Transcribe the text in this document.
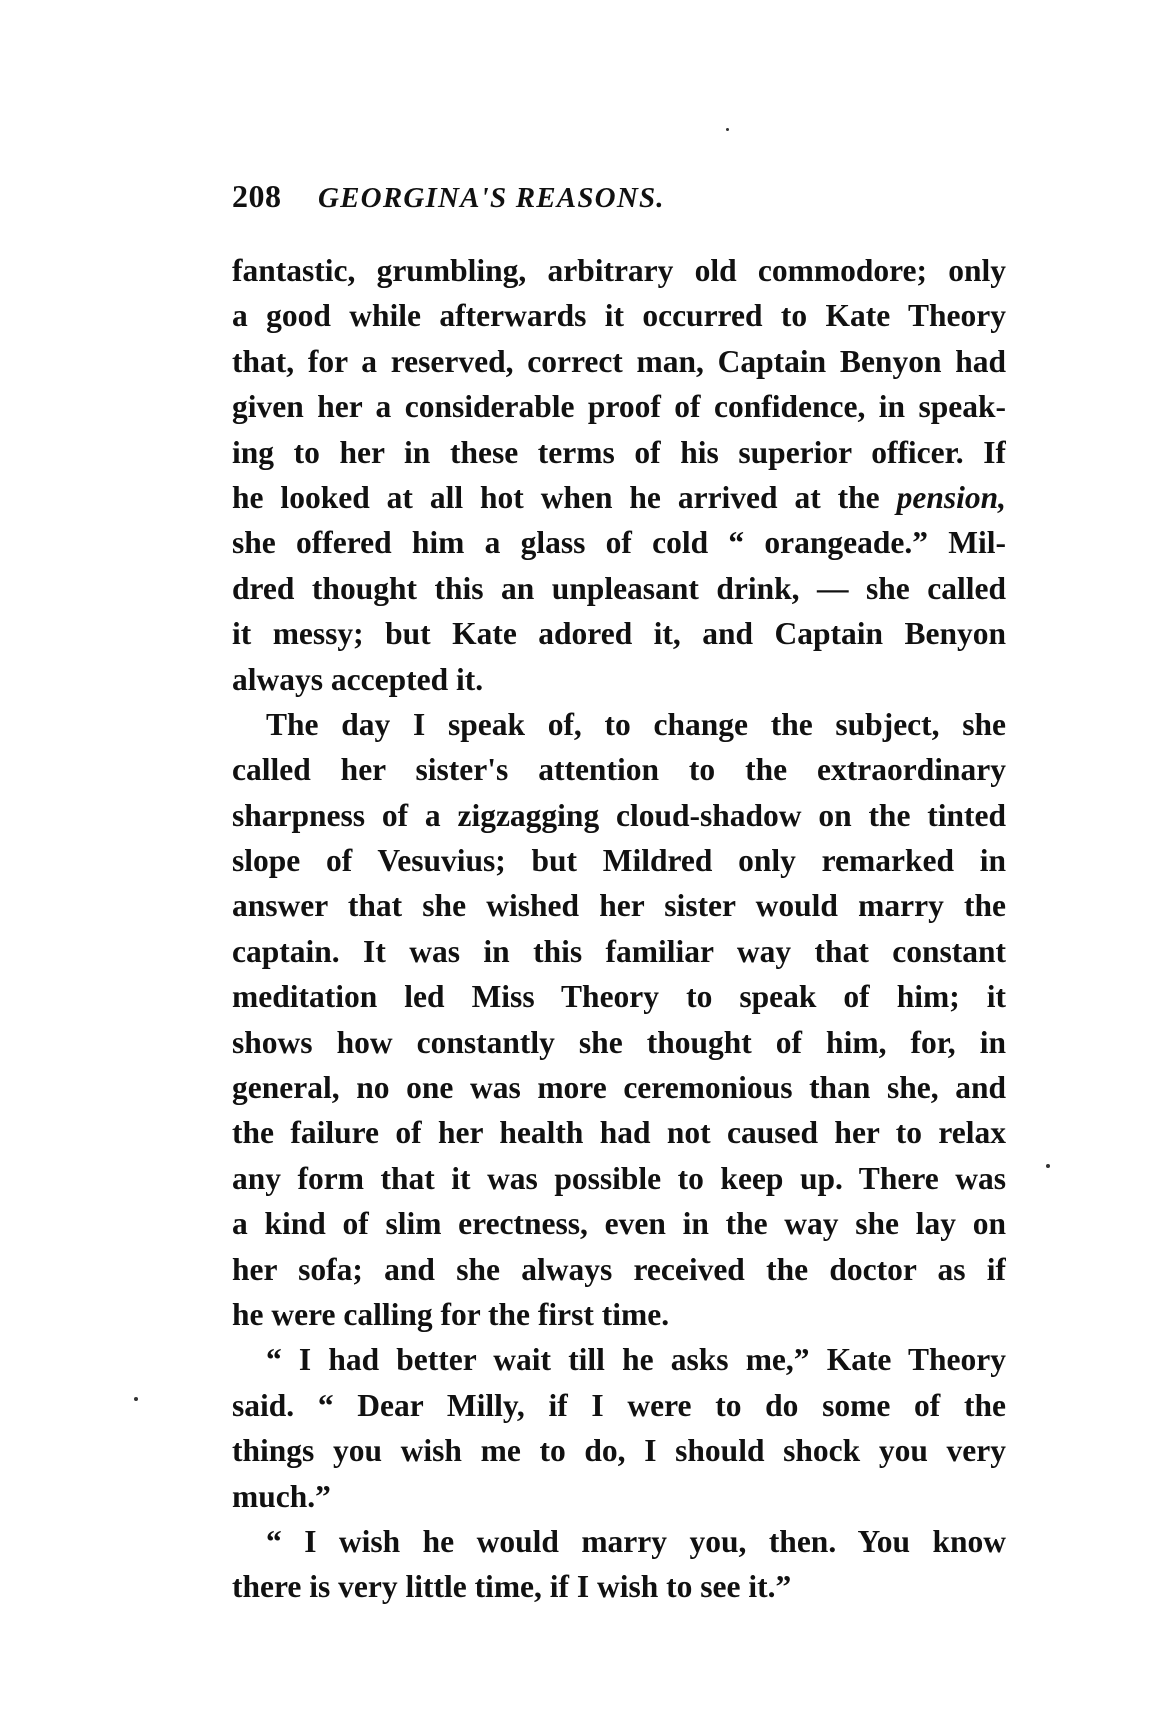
208 GEORGINA'S REASONS.
fantastic, grumbling, arbitrary old commodore; only
a good while afterwards it occurred to Kate Theory
that, for a reserved, correct man, Captain Benyon had
given her a considerable proof of confidence, in speak-
ing to her in these terms of his superior officer. If
he looked at all hot when he arrived at the pension,
she offered him a glass of cold “ orangeade.” Mil-
dred thought this an unpleasant drink, — she called
it messy; but Kate adored it, and Captain Benyon
always accepted it.
The day I speak of, to change the subject, she
called her sister's attention to the extraordinary
sharpness of a zigzagging cloud-shadow on the tinted
slope of Vesuvius; but Mildred only remarked in
answer that she wished her sister would marry the
captain. It was in this familiar way that constant
meditation led Miss Theory to speak of him; it
shows how constantly she thought of him, for, in
general, no one was more ceremonious than she, and
the failure of her health had not caused her to relax
any form that it was possible to keep up. There was
a kind of slim erectness, even in the way she lay on
her sofa; and she always received the doctor as if
he were calling for the first time.
“ I had better wait till he asks me,” Kate Theory
said. “ Dear Milly, if I were to do some of the
things you wish me to do, I should shock you very
much.”
“ I wish he would marry you, then. You know
there is very little time, if I wish to see it.”
